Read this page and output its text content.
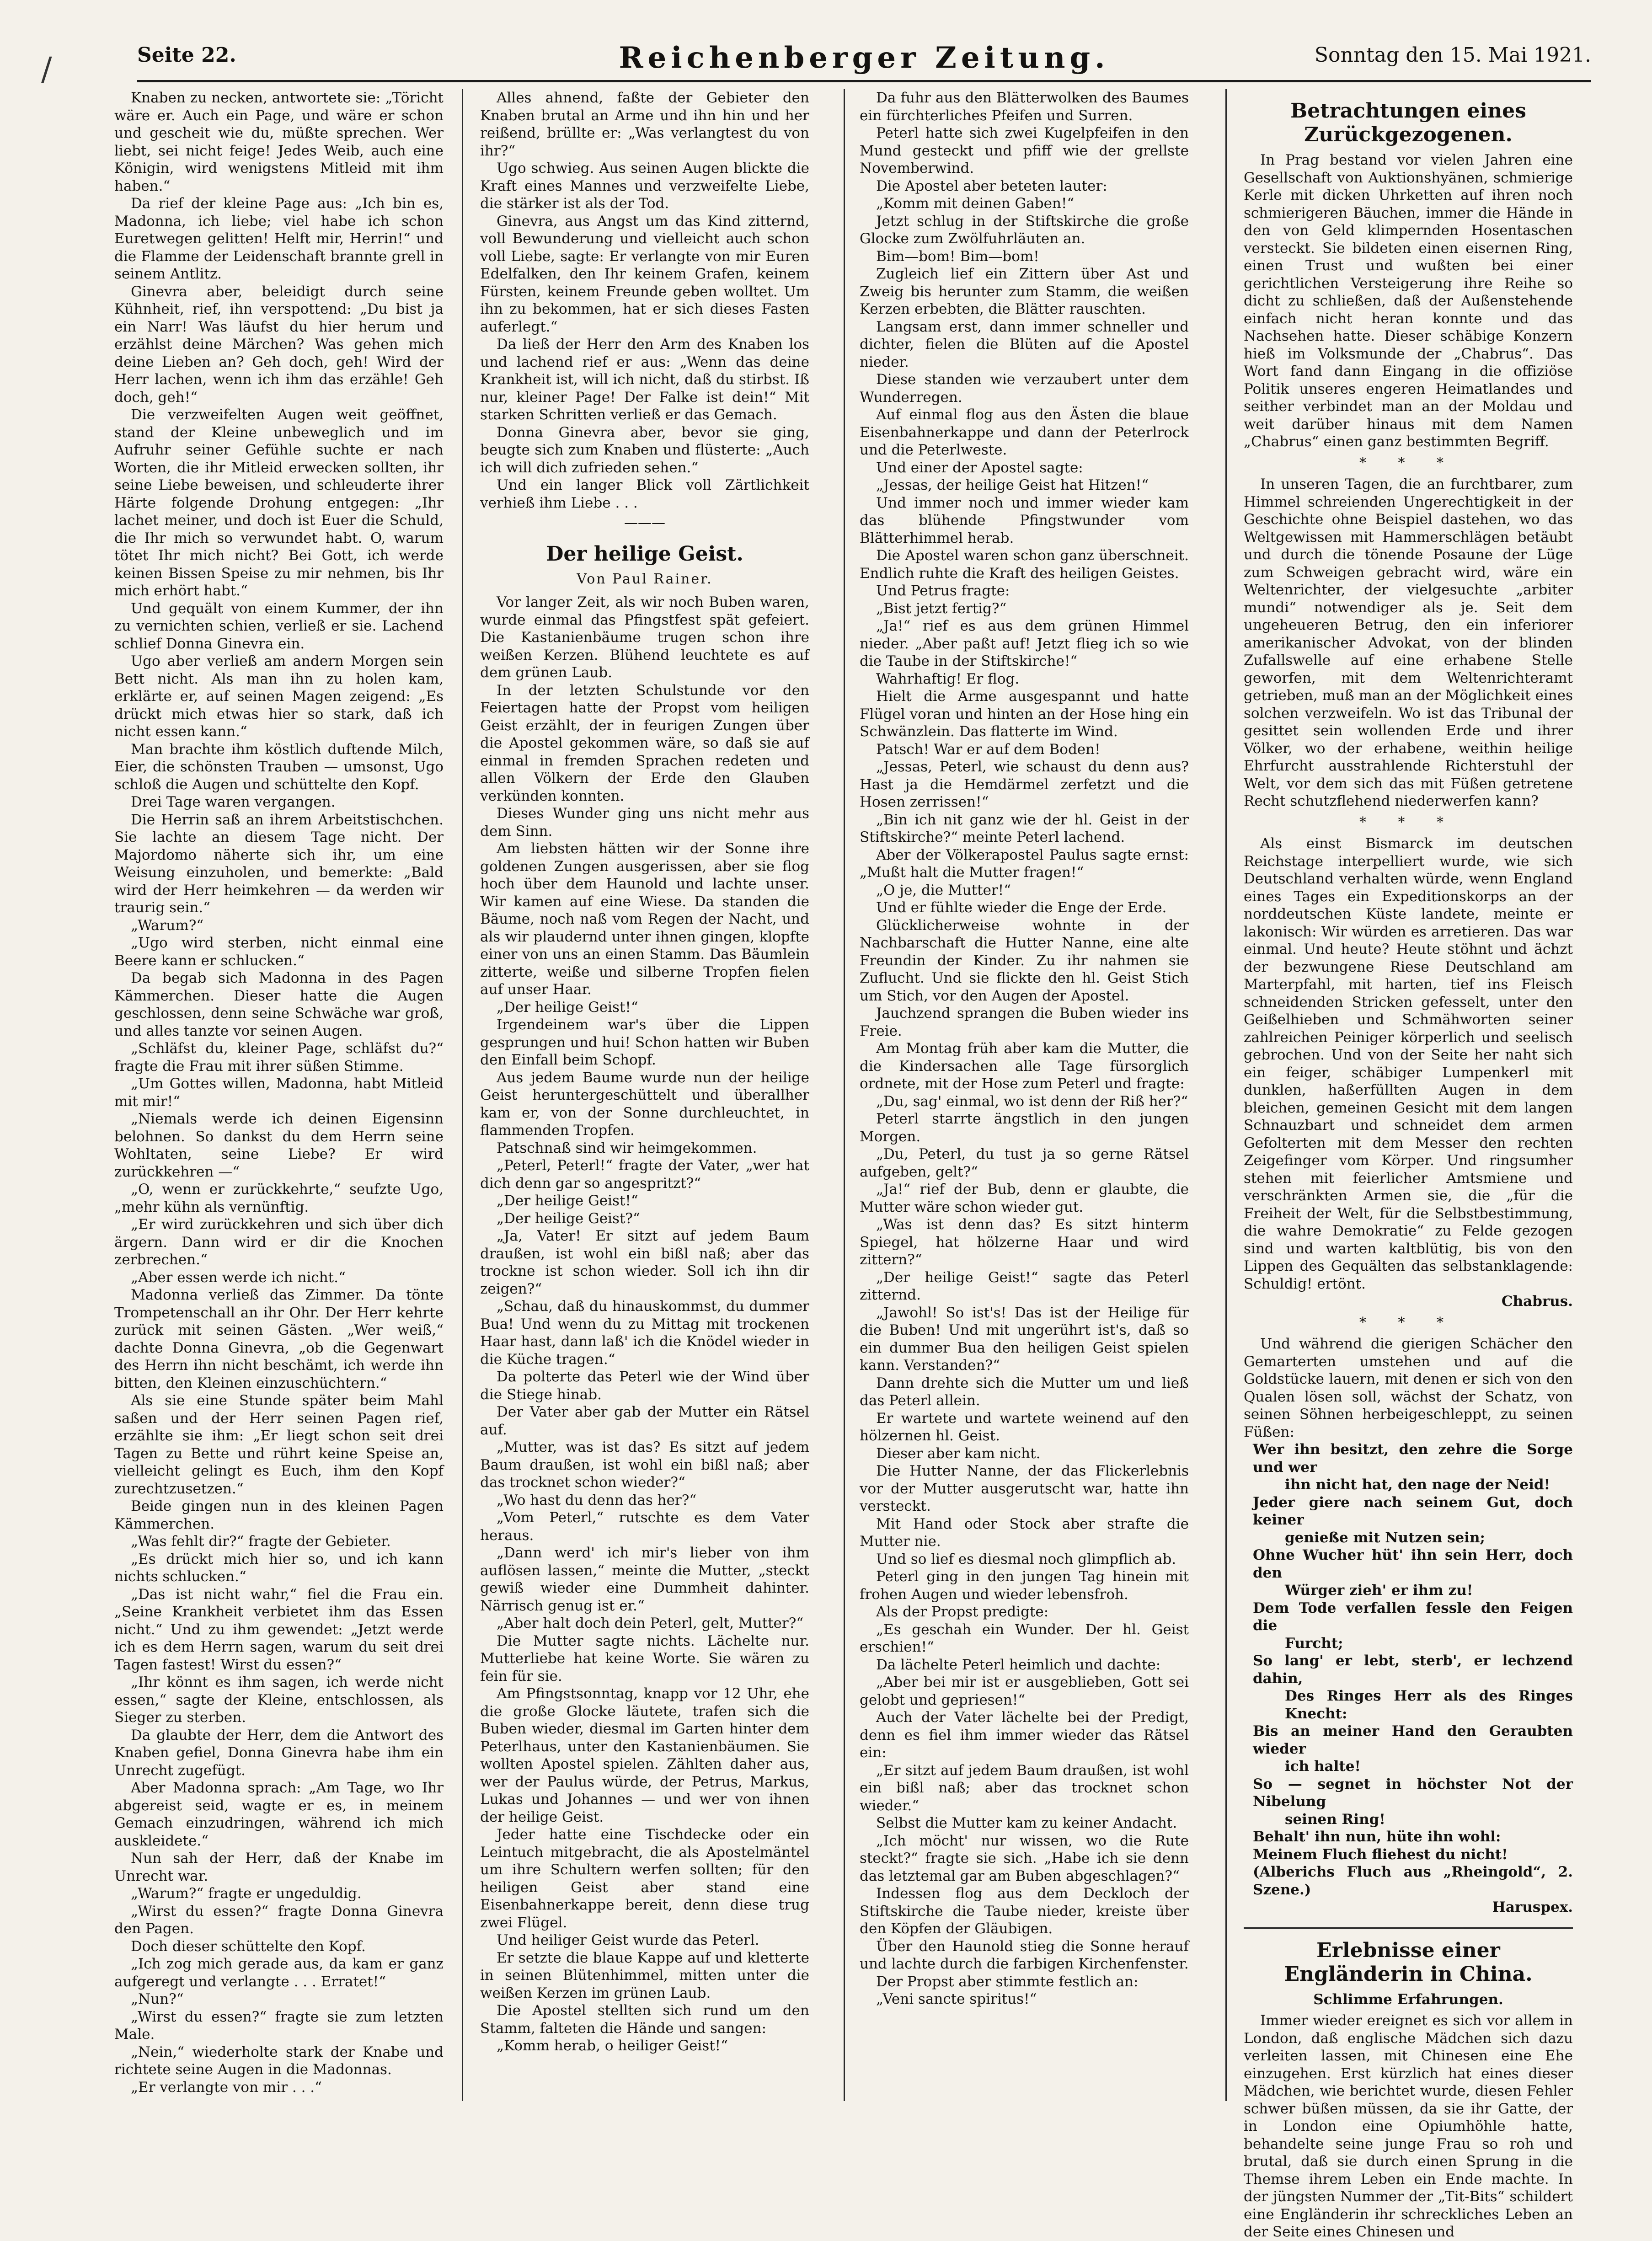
/	Seite 22.	Reichenberger Zeitung.	Sonntag den 15. Mai 1921.

Knaben zu necken, antwortete sie: „Töricht wäre er. Auch ein Page, und wäre er schon und gescheit wie du, müßte sprechen. Wer liebt, sei nicht feige! Jedes Weib, auch eine Königin, wird wenigstens Mitleid mit ihm haben.“

Da rief der kleine Page aus: „Ich bin es, Madonna, ich liebe; viel habe ich schon Euretwegen gelitten! Helft mir, Herrin!“ und die Flamme der Leidenschaft brannte grell in seinem Antlitz.

Ginevra aber, beleidigt durch seine Kühnheit, rief, ihn verspottend: „Du bist ja ein Narr! Was läufst du hier herum und erzählst deine Märchen? Was gehen mich deine Lieben an? Geh doch, geh! Wird der Herr lachen, wenn ich ihm das erzähle! Geh doch, geh!“

Die verzweifelten Augen weit geöffnet, stand der Kleine unbeweglich und im Aufruhr seiner Gefühle suchte er nach Worten, die ihr Mitleid erwecken sollten, ihr seine Liebe beweisen, und schleuderte ihrer Härte folgende Drohung entgegen: „Ihr lachet meiner, und doch ist Euer die Schuld, die Ihr mich so verwundet habt. O, warum tötet Ihr mich nicht? Bei Gott, ich werde keinen Bissen Speise zu mir nehmen, bis Ihr mich erhört habt.“

Und gequält von einem Kummer, der ihn zu vernichten schien, verließ er sie. Lachend schlief Donna Ginevra ein.

Ugo aber verließ am andern Morgen sein Bett nicht. Als man ihn zu holen kam, erklärte er, auf seinen Magen zeigend: „Es drückt mich etwas hier so stark, daß ich nicht essen kann.“

Man brachte ihm köstlich duftende Milch, Eier, die schönsten Trauben — umsonst, Ugo schloß die Augen und schüttelte den Kopf.

Drei Tage waren vergangen.

Die Herrin saß an ihrem Arbeitstischchen. Sie lachte an diesem Tage nicht. Der Majordomo näherte sich ihr, um eine Weisung einzuholen, und bemerkte: „Bald wird der Herr heimkehren — da werden wir traurig sein.“

„Warum?“

„Ugo wird sterben, nicht einmal eine Beere kann er schlucken.“

Da begab sich Madonna in des Pagen Kämmerchen. Dieser hatte die Augen geschlossen, denn seine Schwäche war groß, und alles tanzte vor seinen Augen.

„Schläfst du, kleiner Page, schläfst du?“ fragte die Frau mit ihrer süßen Stimme.

„Um Gottes willen, Madonna, habt Mitleid mit mir!“

„Niemals werde ich deinen Eigensinn belohnen. So dankst du dem Herrn seine Wohltaten, seine Liebe? Er wird zurückkehren —“

„O, wenn er zurückkehrte,“ seufzte Ugo, „mehr kühn als vernünftig.

„Er wird zurückkehren und sich über dich ärgern. Dann wird er dir die Knochen zerbrechen.“

„Aber essen werde ich nicht.“

Madonna verließ das Zimmer. Da tönte Trompetenschall an ihr Ohr. Der Herr kehrte zurück mit seinen Gästen. „Wer weiß,“ dachte Donna Ginevra, „ob die Gegenwart des Herrn ihn nicht beschämt, ich werde ihn bitten, den Kleinen einzuschüchtern.“

Als sie eine Stunde später beim Mahl saßen und der Herr seinen Pagen rief, erzählte sie ihm: „Er liegt schon seit drei Tagen zu Bette und rührt keine Speise an, vielleicht gelingt es Euch, ihm den Kopf zurechtzusetzen.“

Beide gingen nun in des kleinen Pagen Kämmerchen.

„Was fehlt dir?“ fragte der Gebieter.

„Es drückt mich hier so, und ich kann nichts schlucken.“

„Das ist nicht wahr,“ fiel die Frau ein. „Seine Krankheit verbietet ihm das Essen nicht.“ Und zu ihm gewendet: „Jetzt werde ich es dem Herrn sagen, warum du seit drei Tagen fastest! Wirst du essen?“

„Ihr könnt es ihm sagen, ich werde nicht essen,“ sagte der Kleine, entschlossen, als Sieger zu sterben.

Da glaubte der Herr, dem die Antwort des Knaben gefiel, Donna Ginevra habe ihm ein Unrecht zugefügt.

Aber Madonna sprach: „Am Tage, wo Ihr abgereist seid, wagte er es, in meinem Gemach einzudringen, während ich mich auskleidete.“

Nun sah der Herr, daß der Knabe im Unrecht war.

„Warum?“ fragte er ungeduldig.

„Wirst du essen?“ fragte Donna Ginevra den Pagen.

Doch dieser schüttelte den Kopf.

„Ich zog mich gerade aus, da kam er ganz aufgeregt und verlangte . . . Erratet!“

„Nun?“

„Wirst du essen?“ fragte sie zum letzten Male.

„Nein,“ wiederholte stark der Knabe und richtete seine Augen in die Madonnas.

„Er verlangte von mir . . .“

Alles ahnend, faßte der Gebieter den Knaben brutal an Arme und ihn hin und her reißend, brüllte er: „Was verlangtest du von ihr?“

Ugo schwieg. Aus seinen Augen blickte die Kraft eines Mannes und verzweifelte Liebe, die stärker ist als der Tod.

Ginevra, aus Angst um das Kind zitternd, voll Bewunderung und vielleicht auch schon voll Liebe, sagte: Er verlangte von mir Euren Edelfalken, den Ihr keinem Grafen, keinem Fürsten, keinem Freunde geben wolltet. Um ihn zu bekommen, hat er sich dieses Fasten auferlegt.“

Da ließ der Herr den Arm des Knaben los und lachend rief er aus: „Wenn das deine Krankheit ist, will ich nicht, daß du stirbst. Iß nur, kleiner Page! Der Falke ist dein!“ Mit starken Schritten verließ er das Gemach.

Donna Ginevra aber, bevor sie ging, beugte sich zum Knaben und flüsterte: „Auch ich will dich zufrieden sehen.“

Und ein langer Blick voll Zärtlichkeit verhieß ihm Liebe . . .

———
Der heilige Geist.
Von Paul Rainer.

Vor langer Zeit, als wir noch Buben waren, wurde einmal das Pfingstfest spät gefeiert. Die Kastanienbäume trugen schon ihre weißen Kerzen. Blühend leuchtete es auf dem grünen Laub.

In der letzten Schulstunde vor den Feiertagen hatte der Propst vom heiligen Geist erzählt, der in feurigen Zungen über die Apostel gekommen wäre, so daß sie auf einmal in fremden Sprachen redeten und allen Völkern der Erde den Glauben verkünden konnten.

Dieses Wunder ging uns nicht mehr aus dem Sinn.

Am liebsten hätten wir der Sonne ihre goldenen Zungen ausgerissen, aber sie flog hoch über dem Haunold und lachte unser. Wir kamen auf eine Wiese. Da standen die Bäume, noch naß vom Regen der Nacht, und als wir plaudernd unter ihnen gingen, klopfte einer von uns an einen Stamm. Das Bäumlein zitterte, weiße und silberne Tropfen fielen auf unser Haar.

„Der heilige Geist!“

Irgendeinem war's über die Lippen gesprungen und hui! Schon hatten wir Buben den Einfall beim Schopf.

Aus jedem Baume wurde nun der heilige Geist heruntergeschüttelt und überallher kam er, von der Sonne durchleuchtet, in flammenden Tropfen.

Patschnaß sind wir heimgekommen.

„Peterl, Peterl!“ fragte der Vater, „wer hat dich denn gar so angespritzt?“

„Der heilige Geist!“

„Der heilige Geist?“

„Ja, Vater! Er sitzt auf jedem Baum draußen, ist wohl ein bißl naß; aber das trockne ist schon wieder. Soll ich ihn dir zeigen?“

„Schau, daß du hinauskommst, du dummer Bua! Und wenn du zu Mittag mit trockenen Haar hast, dann laß' ich die Knödel wieder in die Küche tragen.“

Da polterte das Peterl wie der Wind über die Stiege hinab.

Der Vater aber gab der Mutter ein Rätsel auf.

„Mutter, was ist das? Es sitzt auf jedem Baum draußen, ist wohl ein bißl naß; aber das trocknet schon wieder?“

„Wo hast du denn das her?“

„Vom Peterl,“ rutschte es dem Vater heraus.

„Dann werd' ich mir's lieber von ihm auflösen lassen,“ meinte die Mutter, „steckt gewiß wieder eine Dummheit dahinter. Närrisch genug ist er.“

„Aber halt doch dein Peterl, gelt, Mutter?“

Die Mutter sagte nichts. Lächelte nur. Mutterliebe hat keine Worte. Sie wären zu fein für sie.

Am Pfingstsonntag, knapp vor 12 Uhr, ehe die große Glocke läutete, trafen sich die Buben wieder, diesmal im Garten hinter dem Peterlhaus, unter den Kastanienbäumen. Sie wollten Apostel spielen. Zählten daher aus, wer der Paulus würde, der Petrus, Markus, Lukas und Johannes — und wer von ihnen der heilige Geist.

Jeder hatte eine Tischdecke oder ein Leintuch mitgebracht, die als Apostelmäntel um ihre Schultern werfen sollten; für den heiligen Geist aber stand eine Eisenbahnerkappe bereit, denn diese trug zwei Flügel.

Und heiliger Geist wurde das Peterl.

Er setzte die blaue Kappe auf und kletterte in seinen Blütenhimmel, mitten unter die weißen Kerzen im grünen Laub.

Die Apostel stellten sich rund um den Stamm, falteten die Hände und sangen:

„Komm herab, o heiliger Geist!“

Da fuhr aus den Blätterwolken des Baumes ein fürchterliches Pfeifen und Surren.

Peterl hatte sich zwei Kugelpfeifen in den Mund gesteckt und pfiff wie der grellste Novemberwind.

Die Apostel aber beteten lauter:

„Komm mit deinen Gaben!“

Jetzt schlug in der Stiftskirche die große Glocke zum Zwölfuhrläuten an.

Bim—bom! Bim—bom!

Zugleich lief ein Zittern über Ast und Zweig bis herunter zum Stamm, die weißen Kerzen erbebten, die Blätter rauschten.

Langsam erst, dann immer schneller und dichter, fielen die Blüten auf die Apostel nieder.

Diese standen wie verzaubert unter dem Wunderregen.

Auf einmal flog aus den Ästen die blaue Eisenbahnerkappe und dann der Peterlrock und die Peterlweste.

Und einer der Apostel sagte:

„Jessas, der heilige Geist hat Hitzen!“

Und immer noch und immer wieder kam das blühende Pfingstwunder vom Blätterhimmel herab.

Die Apostel waren schon ganz überschneit. Endlich ruhte die Kraft des heiligen Geistes.

Und Petrus fragte:

„Bist jetzt fertig?“

„Ja!“ rief es aus dem grünen Himmel nieder. „Aber paßt auf! Jetzt flieg ich so wie die Taube in der Stiftskirche!“

Wahrhaftig! Er flog.

Hielt die Arme ausgespannt und hatte Flügel voran und hinten an der Hose hing ein Schwänzlein. Das flatterte im Wind.

Patsch! War er auf dem Boden!

„Jessas, Peterl, wie schaust du denn aus? Hast ja die Hemdärmel zerfetzt und die Hosen zerrissen!“

„Bin ich nit ganz wie der hl. Geist in der Stiftskirche?“ meinte Peterl lachend.

Aber der Völkerapostel Paulus sagte ernst: „Mußt halt die Mutter fragen!“

„O je, die Mutter!“

Und er fühlte wieder die Enge der Erde.

Glücklicherweise wohnte in der Nachbarschaft die Hutter Nanne, eine alte Freundin der Kinder. Zu ihr nahmen sie Zuflucht. Und sie flickte den hl. Geist Stich um Stich, vor den Augen der Apostel.

Jauchzend sprangen die Buben wieder ins Freie.

Am Montag früh aber kam die Mutter, die die Kindersachen alle Tage fürsorglich ordnete, mit der Hose zum Peterl und fragte:

„Du, sag' einmal, wo ist denn der Riß her?“

Peterl starrte ängstlich in den jungen Morgen.

„Du, Peterl, du tust ja so gerne Rätsel aufgeben, gelt?“

„Ja!“ rief der Bub, denn er glaubte, die Mutter wäre schon wieder gut.

„Was ist denn das? Es sitzt hinterm Spiegel, hat hölzerne Haar und wird zittern?“

„Der heilige Geist!“ sagte das Peterl zitternd.

„Jawohl! So ist's! Das ist der Heilige für die Buben! Und mit ungerührt ist's, daß so ein dummer Bua den heiligen Geist spielen kann. Verstanden?“

Dann drehte sich die Mutter um und ließ das Peterl allein.

Er wartete und wartete weinend auf den hölzernen hl. Geist.

Dieser aber kam nicht.

Die Hutter Nanne, der das Flickerlebnis vor der Mutter ausgerutscht war, hatte ihn versteckt.

Mit Hand oder Stock aber strafte die Mutter nie.

Und so lief es diesmal noch glimpflich ab.

Peterl ging in den jungen Tag hinein mit frohen Augen und wieder lebensfroh.

Als der Propst predigte:

„Es geschah ein Wunder. Der hl. Geist erschien!“

Da lächelte Peterl heimlich und dachte:

„Aber bei mir ist er ausgeblieben, Gott sei gelobt und gepriesen!“

Auch der Vater lächelte bei der Predigt, denn es fiel ihm immer wieder das Rätsel ein:

„Er sitzt auf jedem Baum draußen, ist wohl ein bißl naß; aber das trocknet schon wieder.“

Selbst die Mutter kam zu keiner Andacht.

„Ich möcht' nur wissen, wo die Rute steckt?“ fragte sie sich. „Habe ich sie denn das letztemal gar am Buben abgeschlagen?“

Indessen flog aus dem Deckloch der Stiftskirche die Taube nieder, kreiste über den Köpfen der Gläubigen.

Über den Haunold stieg die Sonne herauf und lachte durch die farbigen Kirchenfenster.

Der Propst aber stimmte festlich an:

„Veni sancte spiritus!“

Betrachtungen eines Zurückgezogenen.

In Prag bestand vor vielen Jahren eine Gesellschaft von Auktionshyänen, schmierige Kerle mit dicken Uhrketten auf ihren noch schmierigeren Bäuchen, immer die Hände in den von Geld klimpernden Hosentaschen versteckt. Sie bildeten einen eisernen Ring, einen Trust und wußten bei einer gerichtlichen Versteigerung ihre Reihe so dicht zu schließen, daß der Außenstehende einfach nicht heran konnte und das Nachsehen hatte. Dieser schäbige Konzern hieß im Volksmunde der „Chabrus“. Das Wort fand dann Eingang in die offiziöse Politik unseres engeren Heimatlandes und seither verbindet man an der Moldau und weit darüber hinaus mit dem Namen „Chabrus“ einen ganz bestimmten Begriff.

* * *

In unseren Tagen, die an furchtbarer, zum Himmel schreienden Ungerechtigkeit in der Geschichte ohne Beispiel dastehen, wo das Weltgewissen mit Hammerschlägen betäubt und durch die tönende Posaune der Lüge zum Schweigen gebracht wird, wäre ein Weltenrichter, der vielgesuchte „arbiter mundi“ notwendiger als je. Seit dem ungeheueren Betrug, den ein inferiorer amerikanischer Advokat, von der blinden Zufallswelle auf eine erhabene Stelle geworfen, mit dem Weltenrichteramt getrieben, muß man an der Möglichkeit eines solchen verzweifeln. Wo ist das Tribunal der gesittet sein wollenden Erde und ihrer Völker, wo der erhabene, weithin heilige Ehrfurcht ausstrahlende Richterstuhl der Welt, vor dem sich das mit Füßen getretene Recht schutzflehend niederwerfen kann?

* * *

Als einst Bismarck im deutschen Reichstage interpelliert wurde, wie sich Deutschland verhalten würde, wenn England eines Tages ein Expeditionskorps an der norddeutschen Küste landete, meinte er lakonisch: Wir würden es arretieren. Das war einmal. Und heute? Heute stöhnt und ächzt der bezwungene Riese Deutschland am Marterpfahl, mit harten, tief ins Fleisch schneidenden Stricken gefesselt, unter den Geißelhieben und Schmähworten seiner zahlreichen Peiniger körperlich und seelisch gebrochen. Und von der Seite her naht sich ein feiger, schäbiger Lumpenkerl mit dunklen, haßerfüllten Augen in dem bleichen, gemeinen Gesicht mit dem langen Schnauzbart und schneidet dem armen Gefolterten mit dem Messer den rechten Zeigefinger vom Körper. Und ringsumher stehen mit feierlicher Amtsmiene und verschränkten Armen sie, die „für die Freiheit der Welt, für die Selbstbestimmung, die wahre Demokratie“ zu Felde gezogen sind und warten kaltblütig, bis von den Lippen des Gequälten das selbstanklagende: Schuldig! ertönt.

Chabrus.

* * *

Und während die gierigen Schächer den Gemarterten umstehen und auf die Goldstücke lauern, mit denen er sich von den Qualen lösen soll, wächst der Schatz, von seinen Söhnen herbeigeschleppt, zu seinen Füßen:

Wer ihn besitzt, den zehre die Sorge und wer

ihn nicht hat, den nage der Neid!

Jeder giere nach seinem Gut, doch keiner

genieße mit Nutzen sein;

Ohne Wucher hüt' ihn sein Herr, doch den

Würger zieh' er ihm zu!

Dem Tode verfallen fessle den Feigen die

Furcht;

So lang' er lebt, sterb', er lechzend dahin,

Des Ringes Herr als des Ringes Knecht:

Bis an meiner Hand den Geraubten wieder

ich halte!

So — segnet in höchster Not der Nibelung

seinen Ring!

Behalt' ihn nun, hüte ihn wohl:

Meinem Fluch fliehest du nicht!

(Alberichs Fluch aus „Rheingold“, 2. Szene.)

Haruspex.

Erlebnisse einer Engländerin in China.
Schlimme Erfahrungen.

Immer wieder ereignet es sich vor allem in London, daß englische Mädchen sich dazu verleiten lassen, mit Chinesen eine Ehe einzugehen. Erst kürzlich hat eines dieser Mädchen, wie berichtet wurde, diesen Fehler schwer büßen müssen, da sie ihr Gatte, der in London eine Opiumhöhle hatte, behandelte seine junge Frau so roh und brutal, daß sie durch einen Sprung in die Themse ihrem Leben ein Ende machte. In der jüngsten Nummer der „Tit-Bits“ schildert eine Engländerin ihr schreckliches Leben an der Seite eines Chinesen und
